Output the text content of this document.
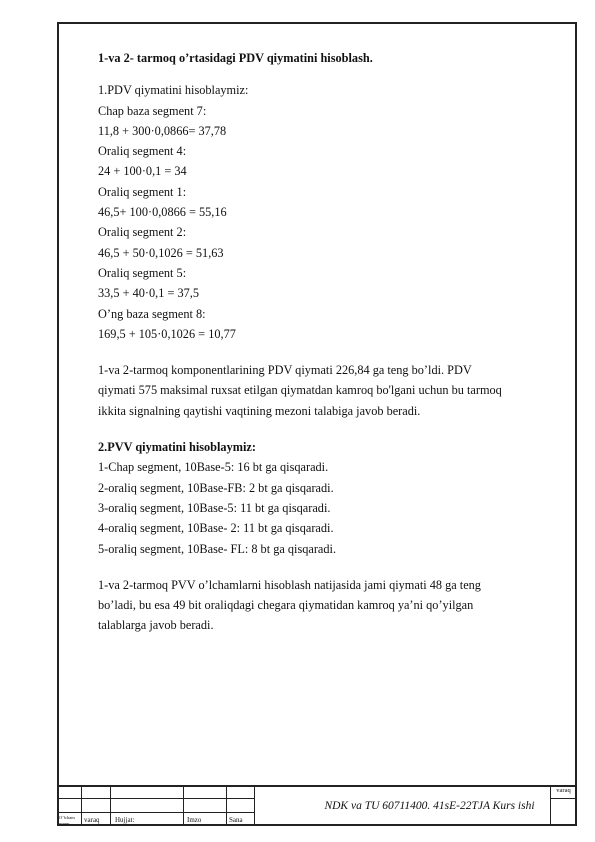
1-va 2- tarmoq o’rtasidagi PDV qiymatini hisoblash.

1.PDV qiymatini hisoblaymiz:

Chap baza segment 7:

11,8 + 300·0,0866= 37,78

Oraliq segment 4:

24 + 100·0,1 = 34

Oraliq segment 1:

46,5+ 100·0,0866 = 55,16

Oraliq segment 2:

46,5 + 50·0,1026 = 51,63

Oraliq segment 5:

33,5 + 40·0,1 = 37,5

O’ng baza segment 8:

169,5 + 105·0,1026 = 10,77

1-va 2-tarmoq komponentlarining PDV qiymati 226,84 ga teng bo’ldi. PDV

qiymati 575 maksimal ruxsat etilgan qiymatdan kamroq bo'lgani uchun bu tarmoq

ikkita signalning qaytishi vaqtining mezoni talabiga javob beradi.

2.PVV qiymatini hisoblaymiz:

1-Chap segment, 10Base-5: 16 bt ga qisqaradi.

2-oraliq segment, 10Base-FB: 2 bt ga qisqaradi.

3-oraliq segment, 10Base-5: 11 bt ga qisqaradi.

4-oraliq segment, 10Base- 2: 11 bt ga qisqaradi.

5-oraliq segment, 10Base- FL: 8 bt ga qisqaradi.

1-va 2-tarmoq PVV o’lchamlarni hisoblash natijasida jami qiymati 48 ga teng

bo’ladi, bu esa 49 bit oraliqdagi chegara qiymatidan kamroq ya’ni qo’yilgan

talablarga javob beradi.

NDK va TU 60711400. 41sE-22TJA Kurs ishi
varaq
O’lcham
mmm varaq Hujjat:	Imzo	Sana
